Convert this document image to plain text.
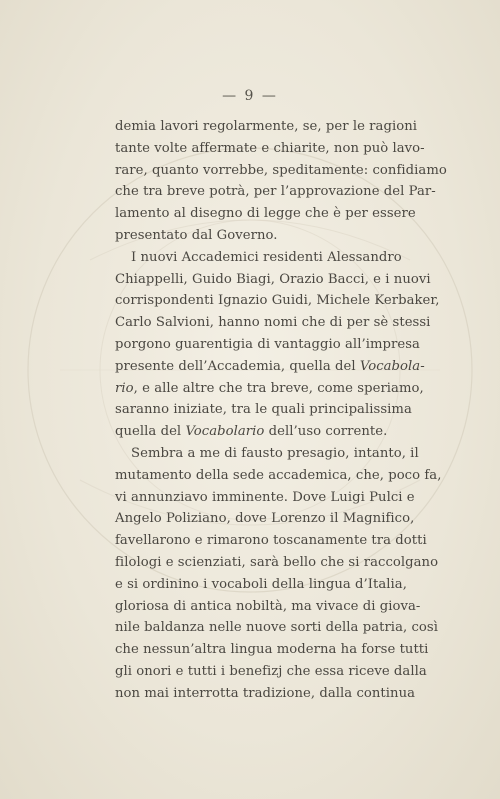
— 9 —
demia lavori regolarmente, se, per le ragioni
tante volte affermate e chiarite, non può lavo-
rare, quanto vorrebbe, speditamente: confidiamo
che tra breve potrà, per l’approvazione del Par-
lamento al disegno di legge che è per essere
presentato dal Governo.
I nuovi Accademici residenti Alessandro
Chiappelli, Guido Biagi, Orazio Bacci, e i nuovi
corrispondenti Ignazio Guidi, Michele Kerbaker,
Carlo Salvioni, hanno nomi che di per sè stessi
porgono guarentigia di vantaggio all’impresa
presente dell’Accademia, quella del Vocabola-
rio, e alle altre che tra breve, come speriamo,
saranno iniziate, tra le quali principalissima
quella del Vocabolario dell’uso corrente.
Sembra a me di fausto presagio, intanto, il
mutamento della sede accademica, che, poco fa,
vi annunziavo imminente. Dove Luigi Pulci e
Angelo Poliziano, dove Lorenzo il Magnifico,
favellarono e rimarono toscanamente tra dotti
filologi e scienziati, sarà bello che si raccolgano
e si ordinino i vocaboli della lingua d’Italia,
gloriosa di antica nobiltà, ma vivace di giova-
nile baldanza nelle nuove sorti della patria, così
che nessun’altra lingua moderna ha forse tutti
gli onori e tutti i benefizj che essa riceve dalla
non mai interrotta tradizione, dalla continua
